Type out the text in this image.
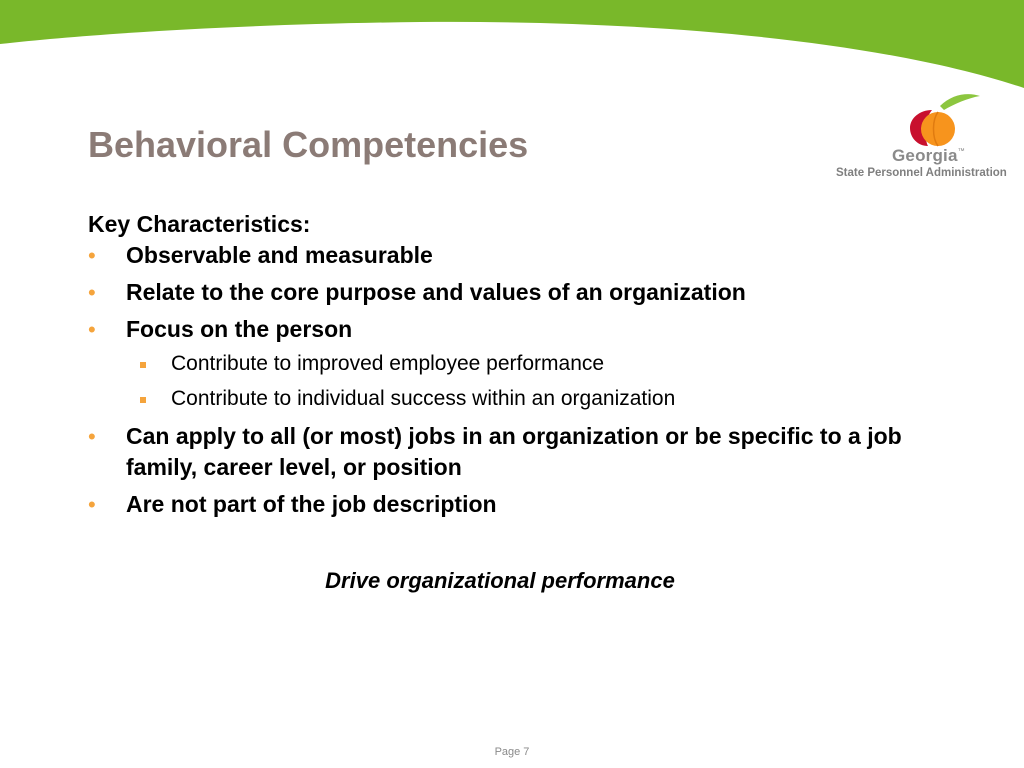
Georgia™
State Personnel Administration
Behavioral Competencies
Key Characteristics:
• Observable and measurable
• Relate to the core purpose and values of an organization
• Focus on the person
Contribute to improved employee performance
Contribute to individual success within an organization
• Can apply to all (or most) jobs in an organization or be specific to a job family, career level, or position
• Are not part of the job description
Drive organizational performance
Page 7
